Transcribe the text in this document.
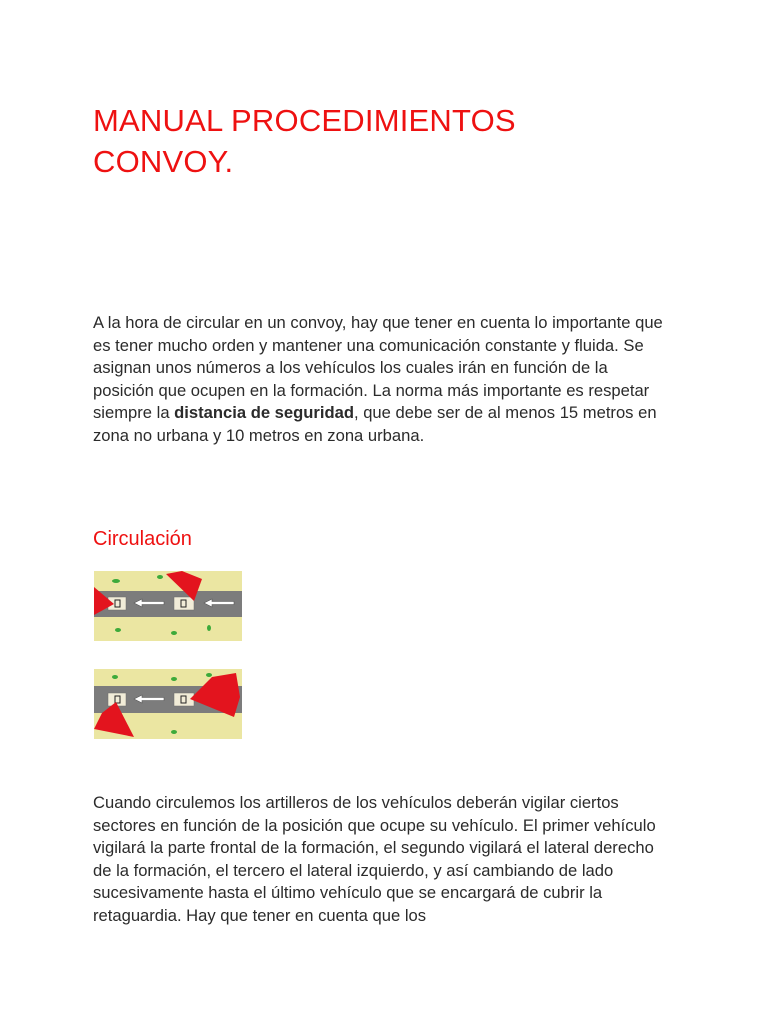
MANUAL PROCEDIMIENTOS
CONVOY.

A la hora de circular en un convoy, hay que tener en cuenta lo importante que es tener mucho orden y mantener una comunicación constante y fluida. Se asignan unos números a los vehículos los cuales irán en función de la posición que ocupen en la formación. La norma más importante es respetar siempre la distancia de seguridad, que debe ser de al menos 15 metros en zona no urbana y 10 metros en zona urbana.

Circulación

Cuando circulemos los artilleros de los vehículos deberán vigilar ciertos sectores en función de la posición que ocupe su vehículo. El primer vehículo vigilará la parte frontal de la formación, el segundo vigilará el lateral derecho de la formación, el tercero el lateral izquierdo, y así cambiando de lado sucesivamente hasta el último vehículo que se encargará de cubrir la retaguardia. Hay que tener en cuenta que los
